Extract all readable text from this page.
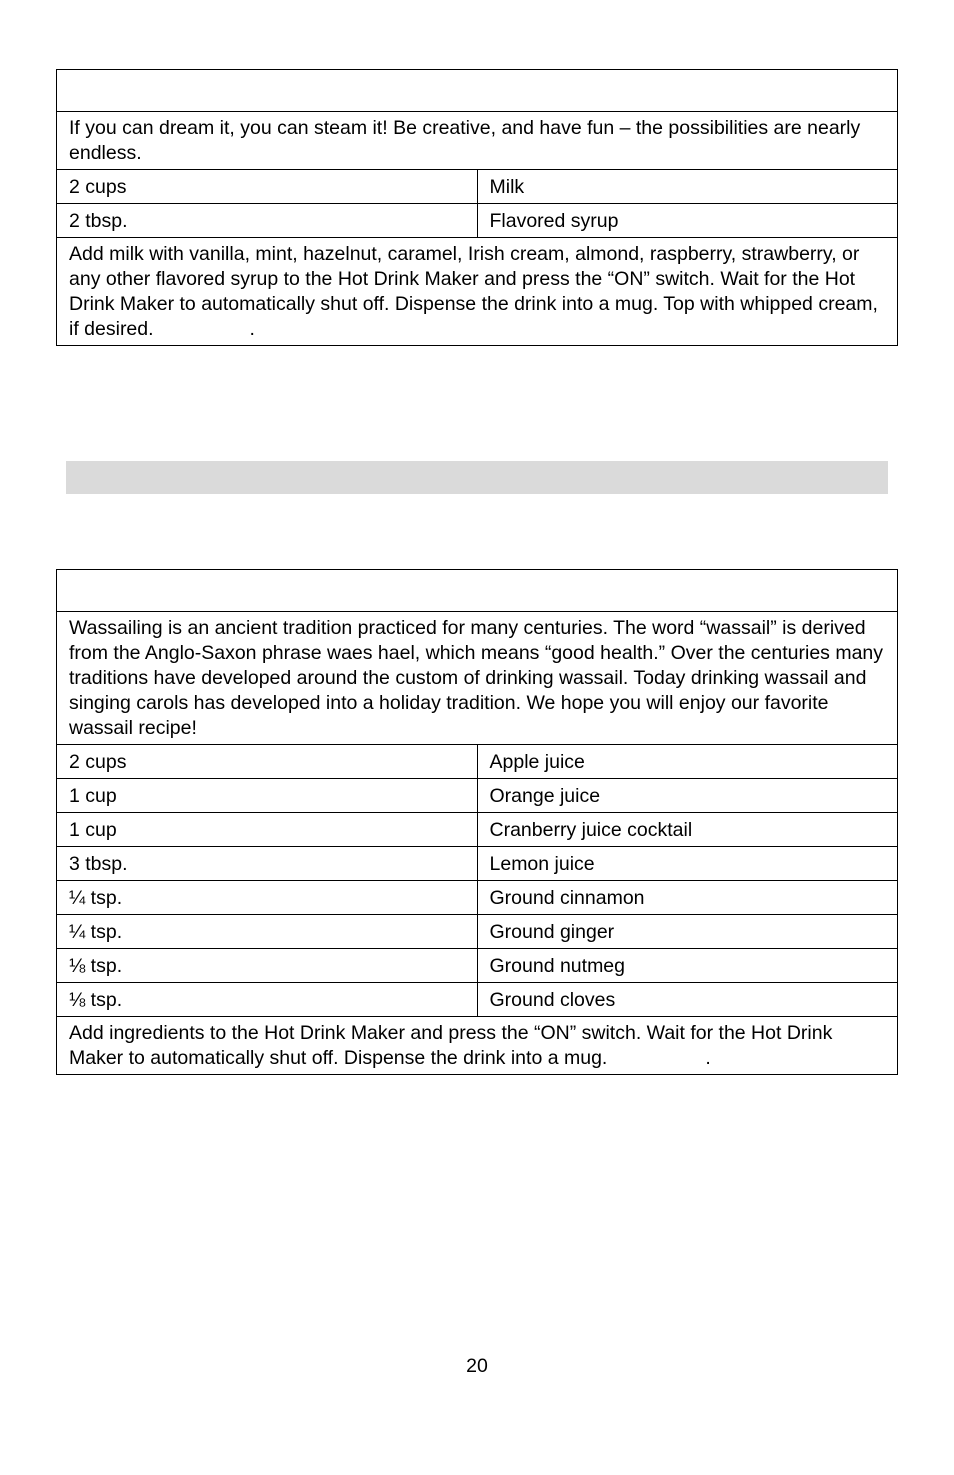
If you can dream it, you can steam it! Be creative, and have fun – the possibilities are nearly endless.	
2 cups	Milk
2 tbsp.	Flavored syrup
Add milk with vanilla, mint, hazelnut, caramel, Irish cream, almond, raspberry, strawberry, or any other flavored syrup to the Hot Drink Maker and press the “ON” switch. Wait for the Hot Drink Maker to automatically shut off. Dispense the drink into a mug. Top with whipped cream, if desired. .	

Wassailing is an ancient tradition practiced for many centuries. The word “wassail” is derived from the Anglo-Saxon phrase waes hael, which means “good health.” Over the centuries many traditions have developed around the custom of drinking wassail. Today drinking wassail and singing carols has developed into a holiday tradition. We hope you will enjoy our favorite wassail recipe!	
2 cups	Apple juice
1 cup	Orange juice
1 cup	Cranberry juice cocktail
3 tbsp.	Lemon juice
¼ tsp.	Ground cinnamon
¼ tsp.	Ground ginger
⅛ tsp.	Ground nutmeg
⅛ tsp.	Ground cloves
Add ingredients to the Hot Drink Maker and press the “ON” switch. Wait for the Hot Drink Maker to automatically shut off. Dispense the drink into a mug. .	
20
